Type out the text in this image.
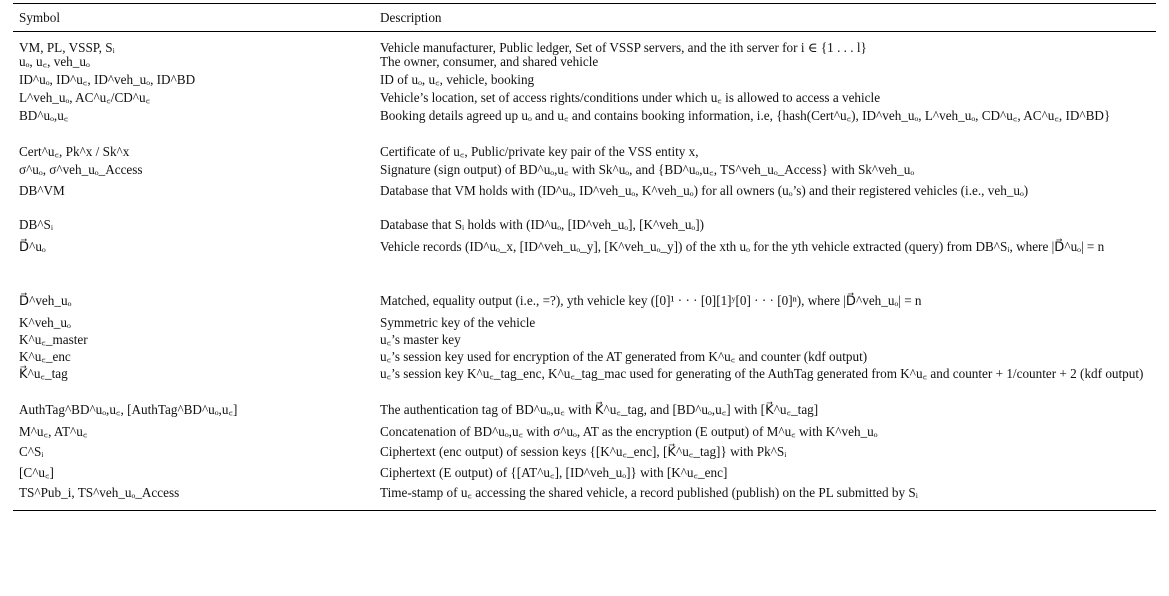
Symbol	Description
VM, PL, VSSP, Sᵢ	Vehicle manufacturer, Public ledger, Set of VSSP servers, and the ith server for i ∈ {1 . . . l}
uₒ, u꜀, veh_uₒ	The owner, consumer, and shared vehicle
ID^uₒ, ID^u꜀, ID^veh_uₒ, ID^BD	ID of uₒ, u꜀, vehicle, booking
L^veh_uₒ, AC^u꜀/CD^u꜀	Vehicle’s location, set of access rights/conditions under which u꜀ is allowed to access a vehicle
BD^uₒ,u꜀	Booking details agreed up uₒ and u꜀ and contains booking information, i.e, {hash(Cert^u꜀), ID^veh_uₒ, L^veh_uₒ, CD^u꜀, AC^u꜀, ID^BD}
Cert^u꜀, Pk^x / Sk^x	Certificate of u꜀, Public/private key pair of the VSS entity x,
σ^uₒ, σ^veh_uₒ_Access	Signature (sign output) of BD^uₒ,u꜀ with Sk^uₒ, and {BD^uₒ,u꜀, TS^veh_uₒ_Access} with Sk^veh_uₒ
DB^VM	Database that VM holds with (ID^uₒ, ID^veh_uₒ, K^veh_uₒ) for all owners (uₒ’s) and their registered vehicles (i.e., veh_uₒ)
DB^Sᵢ	Database that Sᵢ holds with (ID^uₒ, [ID^veh_uₒ], [K^veh_uₒ])
D⃗^uₒ	Vehicle records (ID^uₒ_x, [ID^veh_uₒ_y], [K^veh_uₒ_y]) of the xth uₒ for the yth vehicle extracted (query) from DB^Sᵢ, where |D⃗^uₒ| = n
D⃗^veh_uₒ	Matched, equality output (i.e., =?), yth vehicle key ([0]¹ · · · [0][1]ʸ[0] · · · [0]ⁿ), where |D⃗^veh_uₒ| = n
K^veh_uₒ	Symmetric key of the vehicle
K^u꜀_master	u꜀’s master key
K^u꜀_enc	u꜀’s session key used for encryption of the AT generated from K^u꜀ and counter (kdf output)
K⃗^u꜀_tag	u꜀’s session key K^u꜀_tag_enc, K^u꜀_tag_mac used for generating of the AuthTag generated from K^u꜀ and counter + 1/counter + 2 (kdf output)
AuthTag^BD^uₒ,u꜀, [AuthTag^BD^uₒ,u꜀]	The authentication tag of BD^uₒ,u꜀ with K⃗^u꜀_tag, and [BD^uₒ,u꜀] with [K⃗^u꜀_tag]
M^u꜀, AT^u꜀	Concatenation of BD^uₒ,u꜀ with σ^uₒ, AT as the encryption (E output) of M^u꜀ with K^veh_uₒ
C^Sᵢ	Ciphertext (enc output) of session keys {[K^u꜀_enc], [K⃗^u꜀_tag]} with Pk^Sᵢ
[C^u꜀]	Ciphertext (E output) of {[AT^u꜀], [ID^veh_uₒ]} with [K^u꜀_enc]
TS^Pub_i, TS^veh_uₒ_Access	Time-stamp of u꜀ accessing the shared vehicle, a record published (publish) on the PL submitted by Sᵢ
